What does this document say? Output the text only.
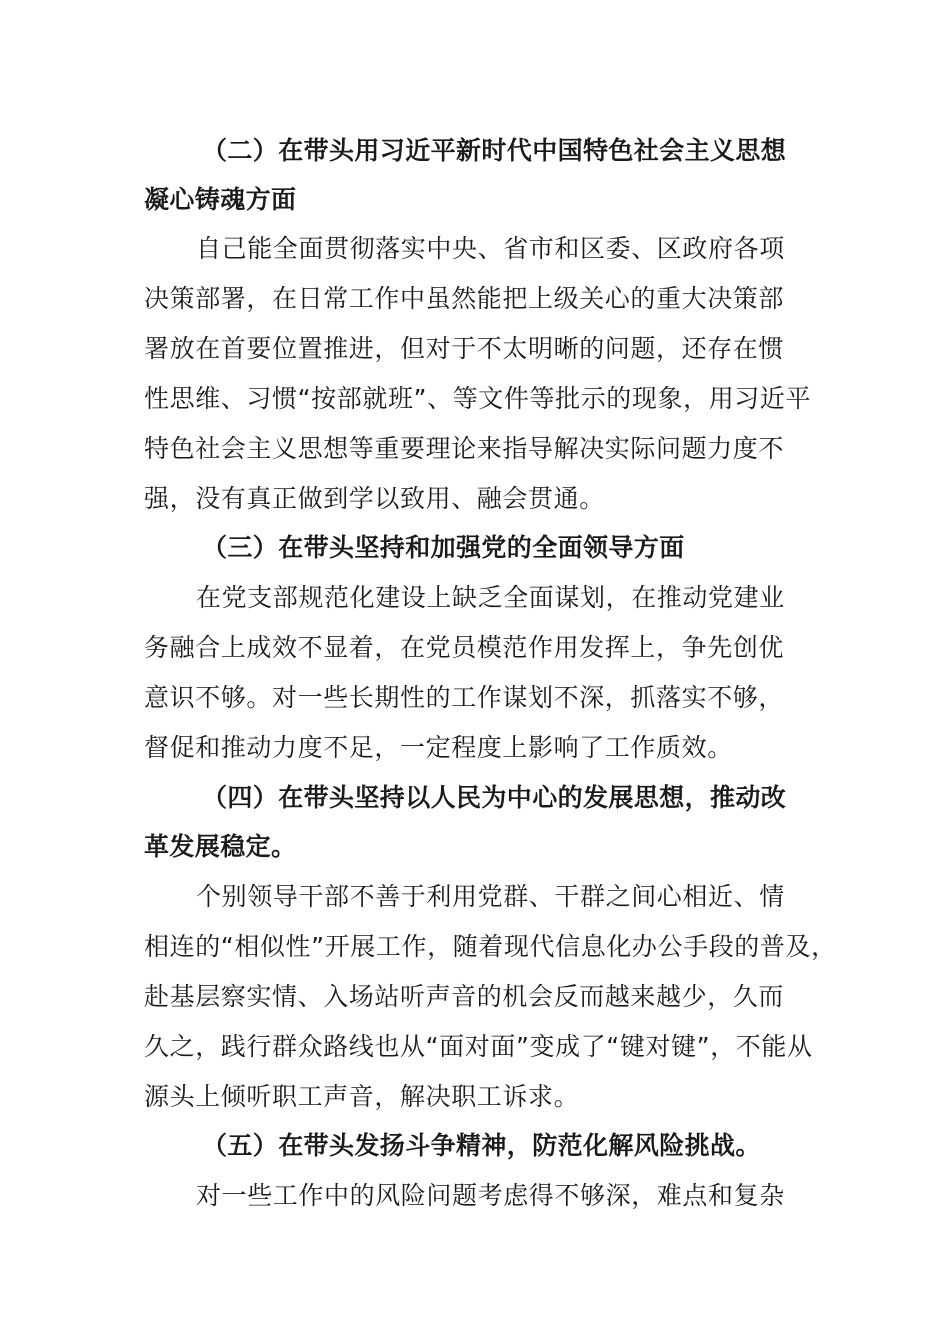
（二）在带头用习近平新时代中国特色社会主义思想
凝心铸魂方面
自己能全面贯彻落实中央、省市和区委、区政府各项
决策部署，在日常工作中虽然能把上级关心的重大决策部
署放在首要位置推进，但对于不太明晰的问题，还存在惯
性思维、习惯“按部就班”、等文件等批示的现象，用习近平
特色社会主义思想等重要理论来指导解决实际问题力度不
强，没有真正做到学以致用、融会贯通。
（三）在带头坚持和加强党的全面领导方面
在党支部规范化建设上缺乏全面谋划，在推动党建业
务融合上成效不显着，在党员模范作用发挥上，争先创优
意识不够。对一些长期性的工作谋划不深，抓落实不够，
督促和推动力度不足，一定程度上影响了工作质效。
（四）在带头坚持以人民为中心的发展思想，推动改
革发展稳定。
个别领导干部不善于利用党群、干群之间心相近、情
相连的“相似性”开展工作，随着现代信息化办公手段的普及，
赴基层察实情、入场站听声音的机会反而越来越少，久而
久之，践行群众路线也从“面对面”变成了“键对键”，不能从
源头上倾听职工声音，解决职工诉求。
（五）在带头发扬斗争精神，防范化解风险挑战。
对一些工作中的风险问题考虑得不够深，难点和复杂
